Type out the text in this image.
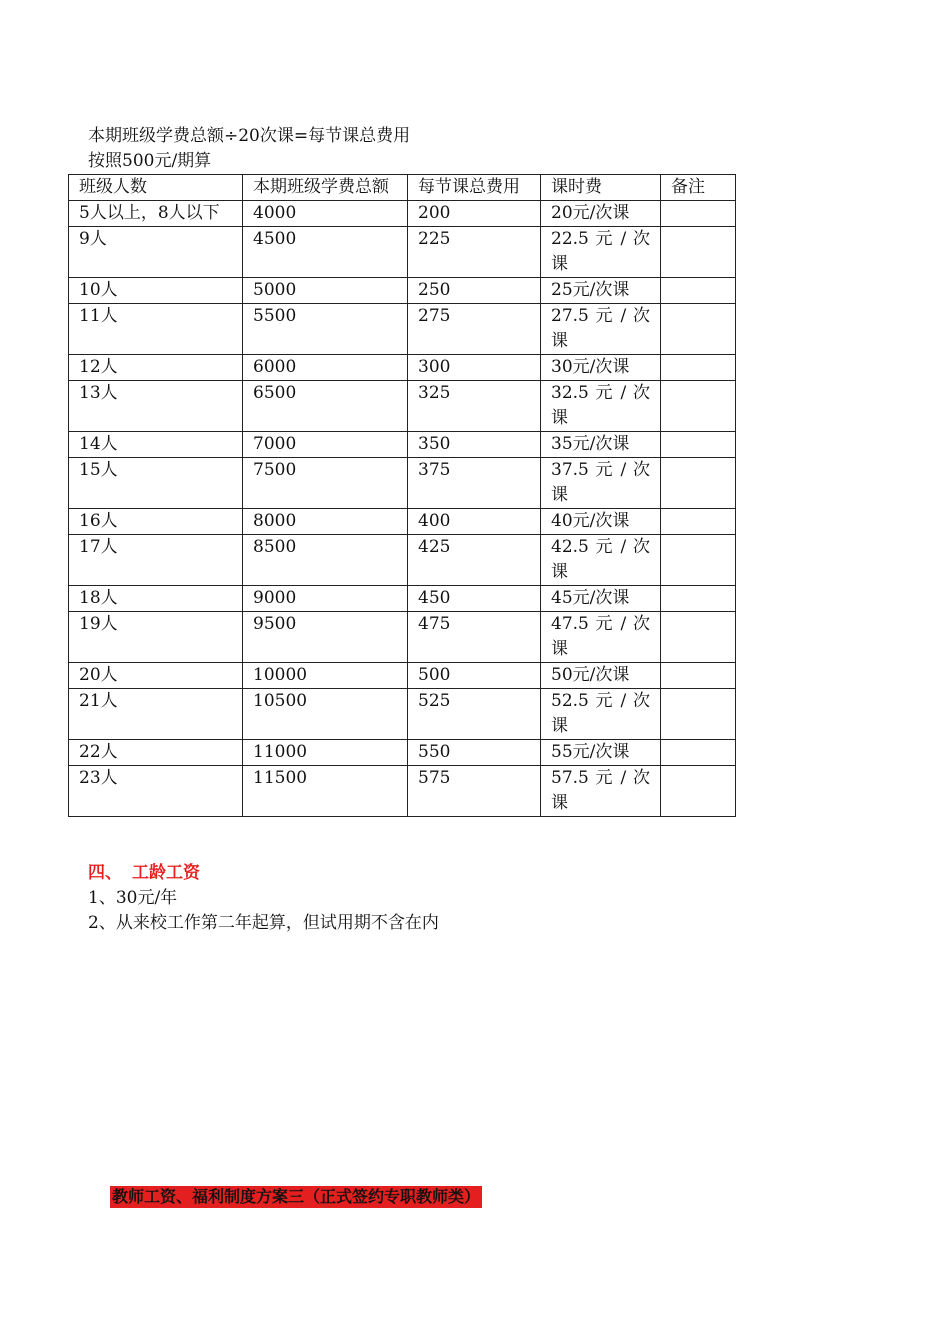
本期班级学费总额÷20次课=每节课总费用
按照500元/期算
班级人数	本期班级学费总额	每节课总费用	课时费	备注
5人以上，8人以下	4000	200	20元/次课	
9人	4500	225	22.5 元 / 次课	
10人	5000	250	25元/次课	
11人	5500	275	27.5 元 / 次课	
12人	6000	300	30元/次课	
13人	6500	325	32.5 元 / 次课	
14人	7000	350	35元/次课	
15人	7500	375	37.5 元 / 次课	
16人	8000	400	40元/次课	
17人	8500	425	42.5 元 / 次课	
18人	9000	450	45元/次课	
19人	9500	475	47.5 元 / 次课	
20人	10000	500	50元/次课	
21人	10500	525	52.5 元 / 次课	
22人	11000	550	55元/次课	
23人	11500	575	57.5 元 / 次课	
四、 工龄工资
1、30元/年
2、从来校工作第二年起算，但试用期不含在内
教师工资、福利制度方案三（正式签约专职教师类）
